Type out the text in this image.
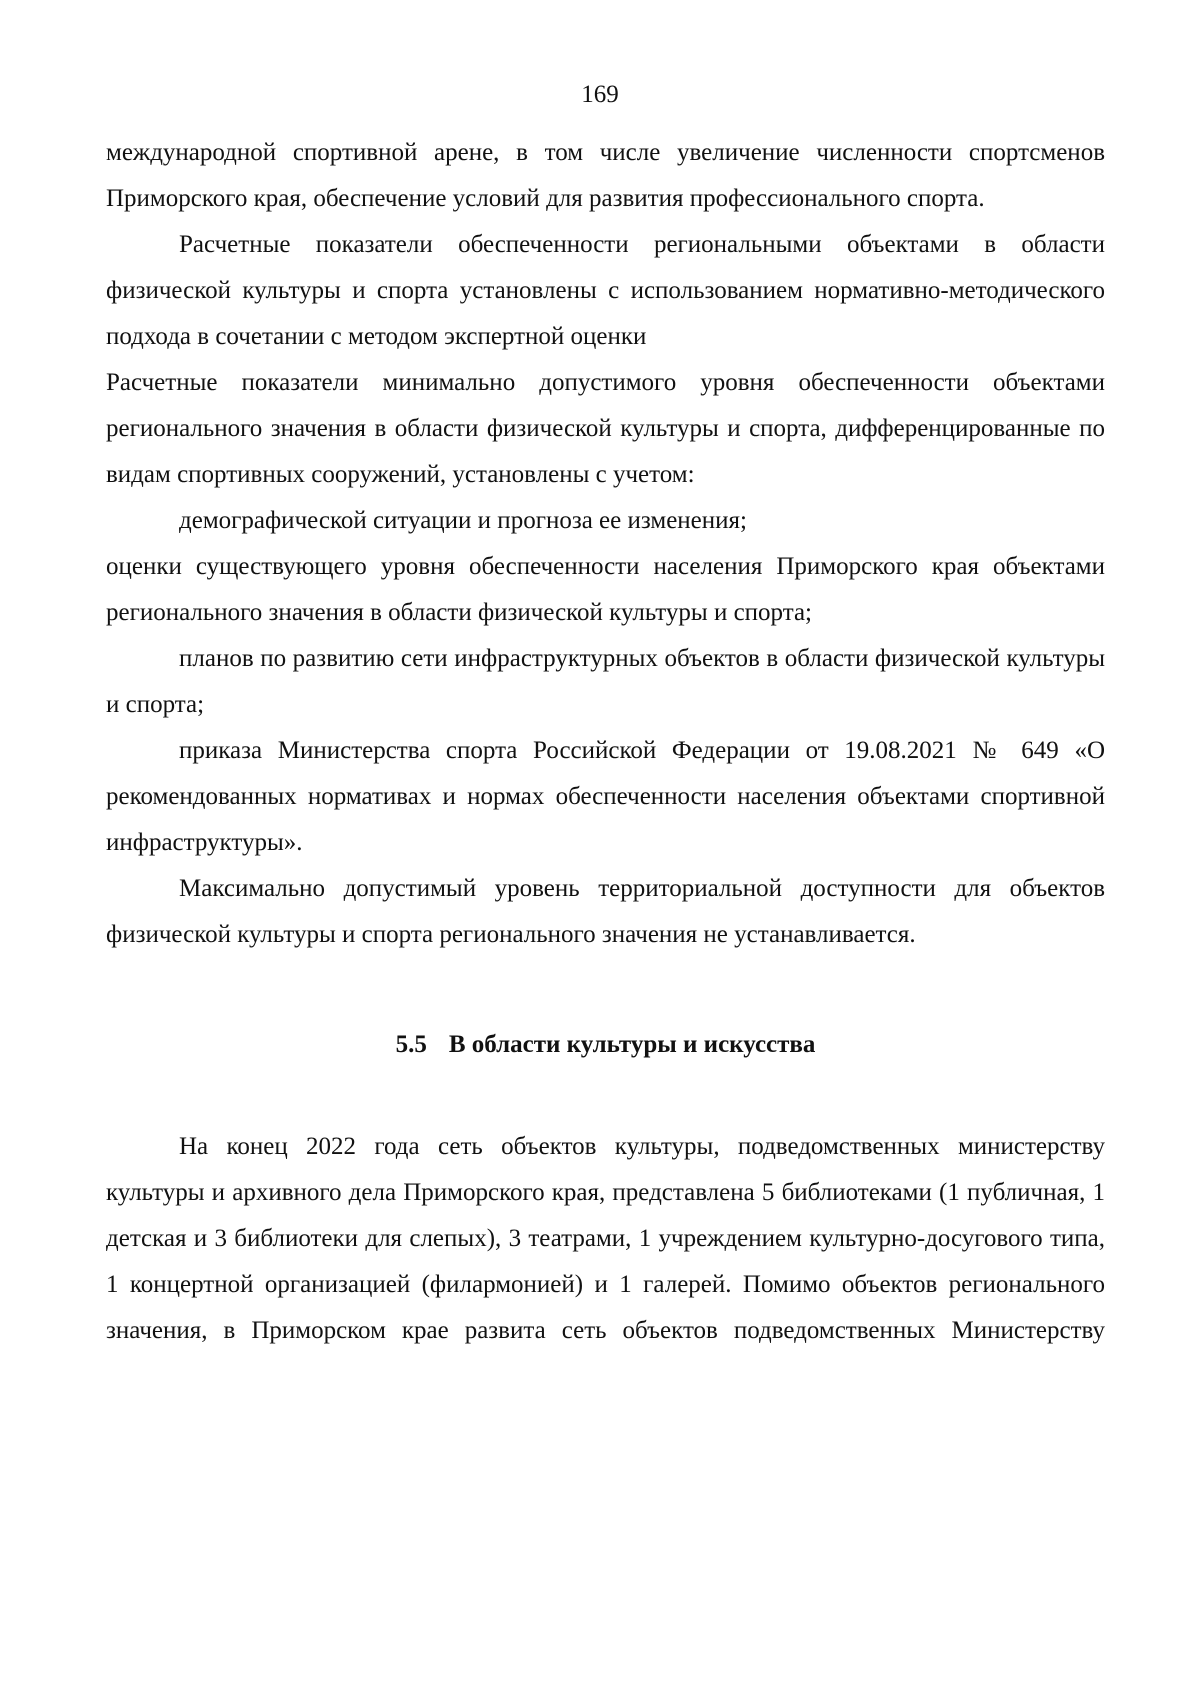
169

международной спортивной арене, в том числе увеличение численности спортсменов Приморского края, обеспечение условий для развития профессионального спорта.

Расчетные показатели обеспеченности региональными объектами в области физической культуры и спорта установлены с использованием нормативно-методического подхода в сочетании с методом экспертной оценки

Расчетные показатели минимально допустимого уровня обеспеченности объектами регионального значения в области физической культуры и спорта, дифференцированные по видам спортивных сооружений, установлены с учетом:

демографической ситуации и прогноза ее изменения;

оценки существующего уровня обеспеченности населения Приморского края объектами регионального значения в области физической культуры и спорта;

планов по развитию сети инфраструктурных объектов в области физической культуры и спорта;

приказа Министерства спорта Российской Федерации от 19.08.2021 № 649 «О рекомендованных нормативах и нормах обеспеченности населения объектами спортивной инфраструктуры».

Максимально допустимый уровень территориальной доступности для объектов физической культуры и спорта регионального значения не устанавливается.

5.5 В области культуры и искусства

На конец 2022 года сеть объектов культуры, подведомственных министерству культуры и архивного дела Приморского края, представлена 5 библиотеками (1 публичная, 1 детская и 3 библиотеки для слепых), 3 театрами, 1 учреждением культурно-досугового типа, 1 концертной организацией (филармонией) и 1 галерей. Помимо объектов регионального значения, в Приморском крае развита сеть объектов подведомственных Министерству
